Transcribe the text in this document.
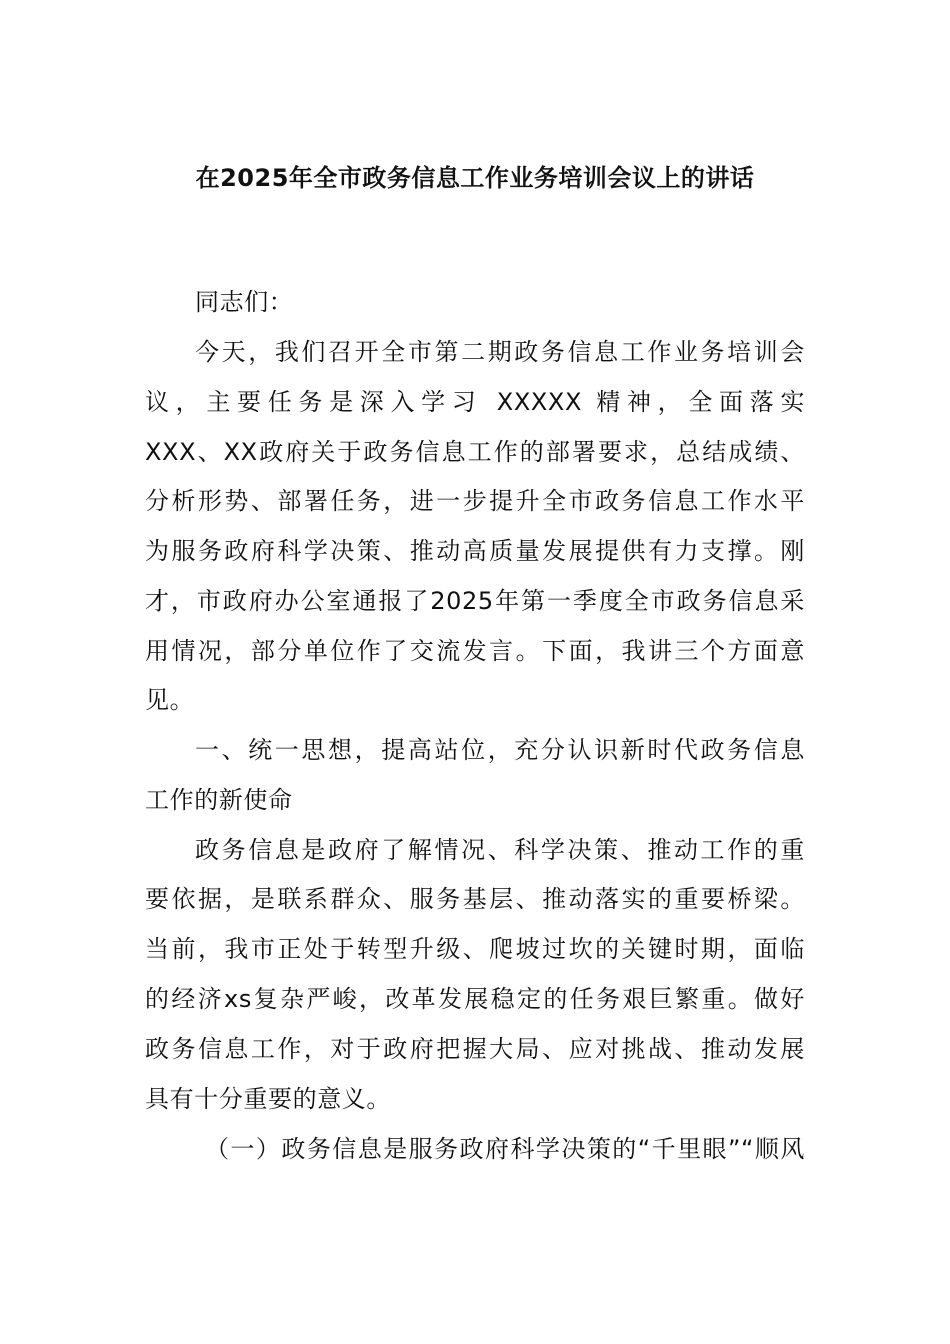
在2025年全市政务信息工作业务培训会议上的讲话
同志们：
今天，我们召开全市第二期政务信息工作业务培训会
议，主要任务是深入学习 XXXXX 精神，全面落实
XXX、XX政府关于政务信息工作的部署要求，总结成绩、
分析形势、部署任务，进一步提升全市政务信息工作水平
为服务政府科学决策、推动高质量发展提供有力支撑。刚
才，市政府办公室通报了2025年第一季度全市政务信息采
用情况，部分单位作了交流发言。下面，我讲三个方面意
见。
一、统一思想，提高站位，充分认识新时代政务信息
工作的新使命
政务信息是政府了解情况、科学决策、推动工作的重
要依据，是联系群众、服务基层、推动落实的重要桥梁。
当前，我市正处于转型升级、爬坡过坎的关键时期，面临
的经济xs复杂严峻，改革发展稳定的任务艰巨繁重。做好
政务信息工作，对于政府把握大局、应对挑战、推动发展
具有十分重要的意义。
（一）政务信息是服务政府科学决策的“千里眼”“顺风
